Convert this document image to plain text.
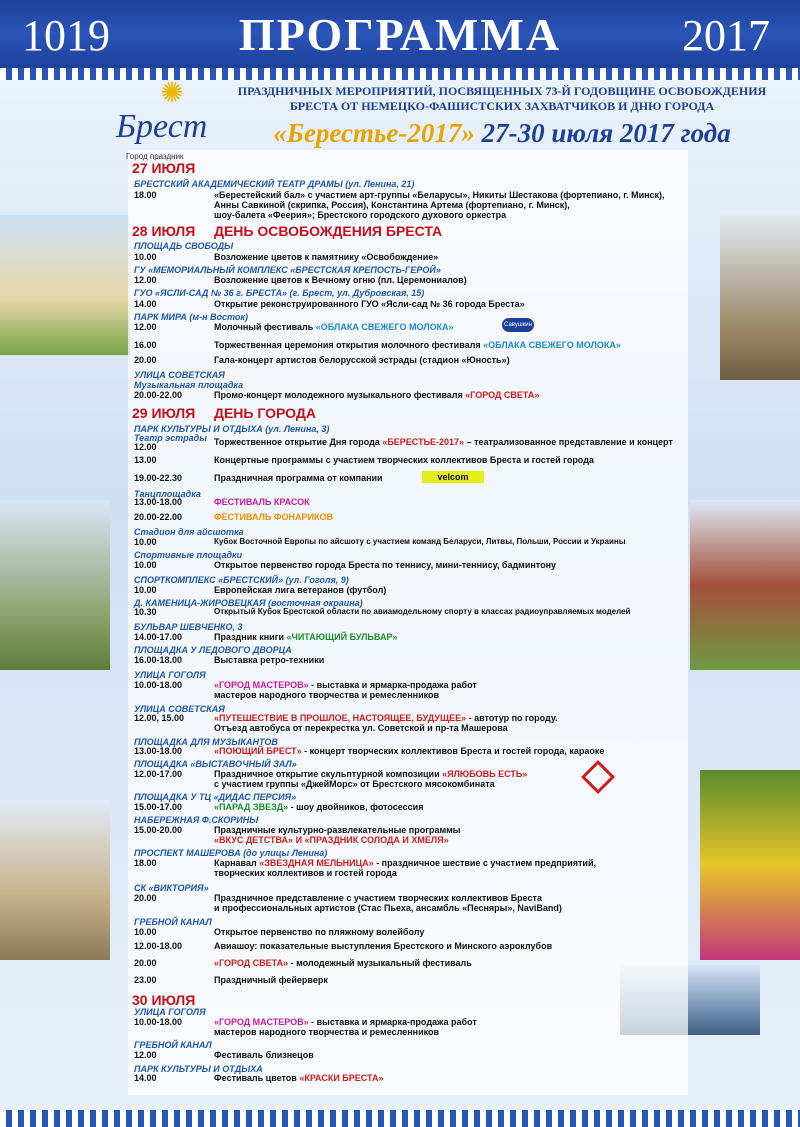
1019	ПРОГРАММА	2017
✺
Брест
Город праздник
ПРАЗДНИЧНЫХ МЕРОПРИЯТИЙ, ПОСВЯЩЕННЫХ 73-Й ГОДОВЩИНЕ ОСВОБОЖДЕНИЯ
БРЕСТА ОТ НЕМЕЦКО-ФАШИСТСКИХ ЗАХВАТЧИКОВ И ДНЮ ГОРОДА
«Берестье-2017» 27-30 июля 2017 года
27 ИЮЛЯ
БРЕСТСКИЙ АКАДЕМИЧЕСКИЙ ТЕАТР ДРАМЫ (ул. Ленина, 21)
18.00	«Берестейский бал» с участием арт-группы «Беларусы», Никиты Шестакова (фортепиано, г. Минск),
Анны Савкиной (скрипка, Россия), Константина Артема (фортепиано, г. Минск),
шоу-балета «Феерия»; Брестского городского духового оркестра
28 ИЮЛЯ ДЕНЬ ОСВОБОЖДЕНИЯ БРЕСТА
ПЛОЩАДЬ СВОБОДЫ
10.00	Возложение цветов к памятнику «Освобождение»
ГУ «МЕМОРИАЛЬНЫЙ КОМПЛЕКС «БРЕСТСКАЯ КРЕПОСТЬ-ГЕРОЙ»
12.00	Возложение цветов к Вечному огню (пл. Церемониалов)
ГУО «ЯСЛИ-САД № 36 г. БРЕСТА» (г. Брест, ул. Дубровская, 15)
14.00	Открытие реконструированного ГУО «Ясли-сад № 36 города Бреста»
ПАРК МИРА (м-н Восток)
12.00	Молочный фестиваль «ОБЛАКА СВЕЖЕГО МОЛОКА»	Савушкин
16.00	Торжественная церемония открытия молочного фестиваля «ОБЛАКА СВЕЖЕГО МОЛОКА»
20.00	Гала-концерт артистов белорусской эстрады (стадион «Юность»)
УЛИЦА СОВЕТСКАЯ
Музыкальная площадка
20.00-22.00	Промо-концерт молодежного музыкального фестиваля «ГОРОД СВЕТА»
29 ИЮЛЯ ДЕНЬ ГОРОДА
ПАРК КУЛЬТУРЫ И ОТДЫХА (ул. Ленина, 3)
Театр эстрады
12.00	Торжественное открытие Дня города «БЕРЕСТЬЕ-2017» – театрализованное представление и концерт
13.00	Концертные программы с участием творческих коллективов Бреста и гостей города
19.00-22.30	Праздничная программа от компании	velcom
Танцплощадка
13.00-18.00	ФЕСТИВАЛЬ КРАСОК
20.00-22.00	ФЕСТИВАЛЬ ФОНАРИКОВ
Стадион для айсшотка
10.00	Кубок Восточной Европы по айсшоту с участием команд Беларуси, Литвы, Польши, России и Украины
Спортивные площадки
10.00	Открытое первенство города Бреста по теннису, мини-теннису, бадминтону
СПОРТКОМПЛЕКС «БРЕСТСКИЙ» (ул. Гоголя, 9)
10.00	Европейская лига ветеранов (футбол)
Д. КАМЕНИЦА-ЖИРОВЕЦКАЯ (восточная окраина)
10.30	Открытый Кубок Брестской области по авиамодельному спорту в классах радиоуправляемых моделей
БУЛЬВАР ШЕВЧЕНКО, 3
14.00-17.00	Праздник книги «ЧИТАЮЩИЙ БУЛЬВАР»
ПЛОЩАДКА У ЛЕДОВОГО ДВОРЦА
16.00-18.00	Выставка ретро-техники
УЛИЦА ГОГОЛЯ
10.00-18.00	«ГОРОД МАСТЕРОВ» - выставка и ярмарка-продажа работ
мастеров народного творчества и ремесленников
УЛИЦА СОВЕТСКАЯ
12.00, 15.00	«ПУТЕШЕСТВИЕ В ПРОШЛОЕ, НАСТОЯЩЕЕ, БУДУЩЕЕ» - автотур по городу.
Отъезд автобуса от перекрестка ул. Советской и пр-та Машерова
ПЛОЩАДКА ДЛЯ МУЗЫКАНТОВ
13.00-18.00	«ПОЮЩИЙ БРЕСТ» - концерт творческих коллективов Бреста и гостей города, караоке
ПЛОЩАДКА «ВЫСТАВОЧНЫЙ ЗАЛ»
12.00-17.00	Праздничное открытие скульптурной композиции «ЯЛЮБОВЬ ЕСТЬ»
с участием группы «ДжейМорс» от Брестского мясокомбината
ПЛОЩАДКА У ТЦ «ДИДАС ПЕРСИЯ»
15.00-17.00	«ПАРАД ЗВЕЗД» - шоу двойников, фотосессия
НАБЕРЕЖНАЯ Ф.СКОРИНЫ
15.00-20.00	Праздничные культурно-развлекательные программы
«ВКУС ДЕТСТВА» И «ПРАЗДНИК СОЛОДА И ХМЕЛЯ»
ПРОСПЕКТ МАШЕРОВА (до улицы Ленина)
18.00	Карнавал «ЗВЕЗДНАЯ МЕЛЬНИЦА» - праздничное шествие с участием предприятий,
творческих коллективов и гостей города
СК «ВИКТОРИЯ»
20.00	Праздничное представление с участием творческих коллективов Бреста
и профессиональных артистов (Стас Пьеха, ансамбль «Песняры», NaviBand)
ГРЕБНОЙ КАНАЛ
10.00	Открытое первенство по пляжному волейболу
12.00-18.00	Авиашоу: показательные выступления Брестского и Минского аэроклубов
20.00	«ГОРОД СВЕТА» - молодежный музыкальный фестиваль
23.00	Праздничный фейерверк
30 ИЮЛЯ
УЛИЦА ГОГОЛЯ
10.00-18.00	«ГОРОД МАСТЕРОВ» - выставка и ярмарка-продажа работ
мастеров народного творчества и ремесленников
ГРЕБНОЙ КАНАЛ
12.00	Фестиваль близнецов
ПАРК КУЛЬТУРЫ И ОТДЫХА
14.00	Фестиваль цветов «КРАСКИ БРЕСТА»
